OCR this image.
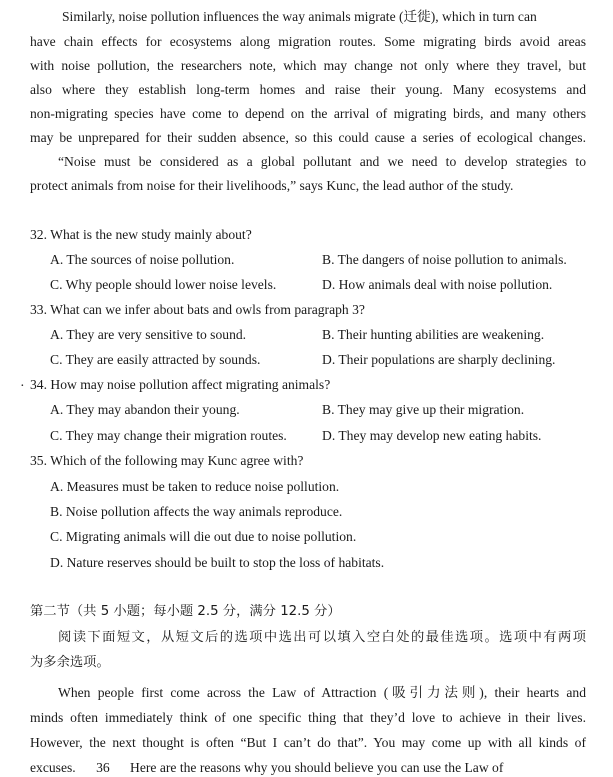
Similarly, noise pollution influences the way animals migrate (迁徙), which in turn can
have chain effects for ecosystems along migration routes. Some migrating birds avoid areas
with noise pollution, the researchers note, which may change not only where they travel, but
also where they establish long-term homes and raise their young. Many ecosystems and
non-migrating species have come to depend on the arrival of migrating birds, and many others
may be unprepared for their sudden absence, so this could cause a series of ecological changes.
“Noise must be considered as a global pollutant and we need to develop strategies to
protect animals from noise for their livelihoods,” says Kunc, the lead author of the study.
32. What is the new study mainly about?
A. The sources of noise pollution.	B. The dangers of noise pollution to animals.
C. Why people should lower noise levels.	D. How animals deal with noise pollution.
33. What can we infer about bats and owls from paragraph 3?
A. They are very sensitive to sound.	B. Their hunting abilities are weakening.
C. They are easily attracted by sounds.	D. Their populations are sharply declining.
· 34. How may noise pollution affect migrating animals?
A. They may abandon their young.	B. They may give up their migration.
C. They may change their migration routes.	D. They may develop new eating habits.
35. Which of the following may Kunc agree with?
A. Measures must be taken to reduce noise pollution.
B. Noise pollution affects the way animals reproduce.
C. Migrating animals will die out due to noise pollution.
D. Nature reserves should be built to stop the loss of habitats.
第二节（共 5 小题；每小题 2.5 分，满分 12.5 分）
阅读下面短文，从短文后的选项中选出可以填入空白处的最佳选项。选项中有两项
为多余选项。
When people first come across the Law of Attraction (吸引力法则), their hearts and
minds often immediately think of one specific thing that they’d love to achieve in their lives.
However, the next thought is often “But I can’t do that”. You may come up with all kinds of
excuses.      36      Here are the reasons why you should believe you can use the Law of
